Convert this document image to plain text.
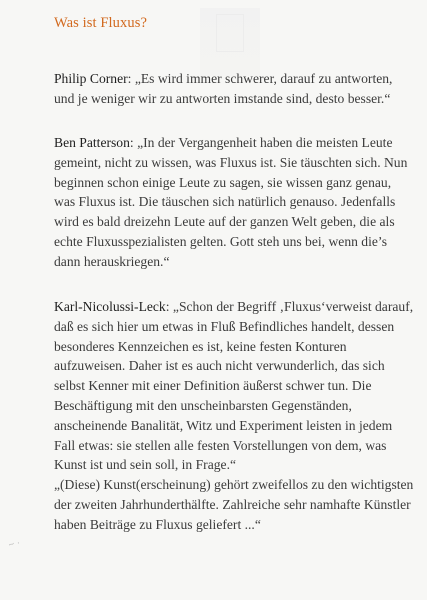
Was ist Fluxus?

Philip Corner: „Es wird immer schwerer, darauf zu antworten, und je weniger wir zu antworten imstande sind, desto besser.“

Ben Patterson: „In der Vergangenheit haben die meisten Leute gemeint, nicht zu wissen, was Fluxus ist. Sie täuschten sich. Nun beginnen schon einige Leute zu sagen, sie wissen ganz genau, was Fluxus ist. Die täuschen sich natürlich genauso. Jedenfalls wird es bald dreizehn Leute auf der ganzen Welt geben, die als echte Fluxusspezialisten gelten. Gott steh uns bei, wenn die’s dann herauskriegen.“

Karl-Nicolussi-Leck: „Schon der Begriff ‚Fluxus‘verweist darauf, daß es sich hier um etwas in Fluß Befindliches handelt, dessen besonderes Kennzeichen es ist, keine festen Konturen aufzuweisen. Daher ist es auch nicht verwunderlich, das sich selbst Kenner mit einer Definition äußerst schwer tun. Die Beschäftigung mit den unscheinbarsten Gegenständen, anscheinende Banalität, Witz und Experiment leisten in jedem Fall etwas: sie stellen alle festen Vorstellungen von dem, was Kunst ist und sein soll, in Frage.“
„(Diese) Kunst(erscheinung) gehört zweifellos zu den wichtigsten der zweiten Jahrhunderthälfte. Zahlreiche sehr namhafte Künstler haben Beiträge zu Fluxus geliefert ...“

~ ⸳
